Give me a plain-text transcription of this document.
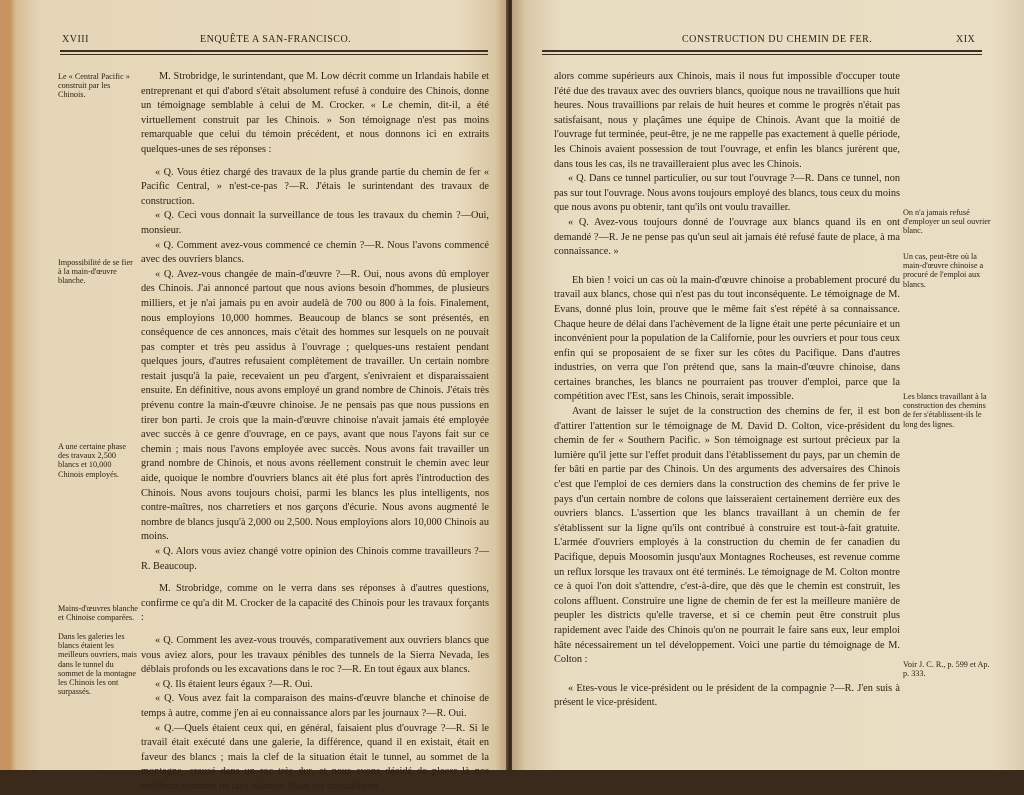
XVIII	ENQUÊTE A SAN-FRANCISCO.

M. Strobridge, le surintendant, que M. Low décrit comme un Irlandais habile et entreprenant et qui d'abord s'était absolument refusé à conduire des Chinois, donne un témoignage semblable à celui de M. Crocker. « Le chemin, dit-il, a été virtuellement construit par les Chinois. » Son témoignage n'est pas moins remarquable que celui du témoin précédent, et nous donnons ici en extraits quelques-unes de ses réponses :

« Q. Vous étiez chargé des travaux de la plus grande partie du chemin de fer « Pacific Central, » n'est-ce-pas ?—R. J'étais le surintendant des travaux de construction.

« Q. Ceci vous donnait la surveillance de tous les travaux du chemin ?—Oui, monsieur.

« Q. Comment avez-vous commencé ce chemin ?—R. Nous l'avons commencé avec des ouvriers blancs.

« Q. Avez-vous changée de main-d'œuvre ?—R. Oui, nous avons dû employer des Chinois. J'ai annoncé partout que nous avions besoin d'hommes, de plusieurs milliers, et je n'ai jamais pu en avoir audelà de 700 ou 800 à la fois. Finalement, nous employions 10,000 hommes. Beaucoup de blancs se sont présentés, en conséquence de ces annonces, mais c'était des hommes sur lesquels on ne pouvait pas compter et très peu assidus à l'ouvrage ; quelques-uns restaient pendant quelques jours, d'autres refusaient complètement de travailler. Un certain nombre restait jusqu'à la paie, recevaient un peu d'argent, s'enivraient et disparaissaient ensuite. En définitive, nous avons employé un grand nombre de Chinois. J'étais très prévenu contre la main-d'œuvre chinoise. Je ne pensais pas que nous pussions en tirer bon parti. Je crois que la main-d'œuvre chinoise n'avait jamais été employée avec succès à ce genre d'ouvrage, en ce pays, avant que nous l'ayons fait sur ce chemin ; mais nous l'avons employée avec succès. Nous avons fait travailler un grand nombre de Chinois, et nous avons réellement construit le chemin avec leur aide, quoique le nombre d'ouvriers blancs ait été plus fort après l'introduction des Chinois. Nous avons toujours choisi, parmi les blancs les plus intelligents, nos contre-maîtres, nos charretiers et nos garçons d'écurie. Nous avons augmenté le nombre de blancs jusqu'à 2,000 ou 2,500. Nous employions alors 10,000 Chinois au moins.

« Q. Alors vous aviez changé votre opinion des Chinois comme travailleurs ?—R. Beaucoup.

M. Strobridge, comme on le verra dans ses réponses à d'autres questions, confirme ce qu'a dit M. Crocker de la capacité des Chinois pour les travaux forçants :

« Q. Comment les avez-vous trouvés, comparativement aux ouvriers blancs que vous aviez alors, pour les travaux pénibles des tunnels de la Sierra Nevada, les déblais profonds ou les excavations dans le roc ?—R. En tout égaux aux blancs.

« Q. Ils étaient leurs égaux ?—R. Oui.

« Q. Vous avez fait la comparaison des mains-d'œuvre blanche et chinoise de temps à autre, comme j'en ai eu connaissance alors par les journaux ?—R. Oui.

« Q.—Quels étaient ceux qui, en général, faisaient plus d'ouvrage ?—R. Si le travail était exécuté dans une galerie, la différence, quand il en existait, était en faveur des blancs ; mais la clef de la situation était le tunnel, au sommet de la montagne, creusé dans un roc très dur, et nous avons décidé de placer là nos meilleurs hommes de race blanche. Nous les considérions

Le « Central Pacific » construit par les Chinois.
Impossibilité de se fier à la main-d'œuvre blanche.
A une certaine phase des travaux 2,500 blancs et 10,000 Chinois employés.
Mains-d'œuvres blanche et Chinoise comparées.
Dans les galeries les blancs étaient les meilleurs ouvriers, mais dans le tunnel du sommet de la montagne les Chinois les ont surpassés.
CONSTRUCTION DU CHEMIN DE FER.	XIX

alors comme supérieurs aux Chinois, mais il nous fut impossible d'occuper toute l'été due des travaux avec des ouvriers blancs, quoique nous ne travaillions que huit heures. Nous travaillions par relais de huit heures et comme le progrès n'était pas satisfaisant, nous y plaçâmes une équipe de Chinois. Avant que la moitié de l'ouvrage fut terminée, peut-être, je ne me rappelle pas exactement à quelle période, les Chinois avaient possession de tout l'ouvrage, et enfin les blancs jurèrent que, dans tous les cas, ils ne travailleraient plus avec les Chinois.

« Q. Dans ce tunnel particulier, ou sur tout l'ouvrage ?—R. Dans ce tunnel, non pas sur tout l'ouvrage. Nous avons toujours employé des blancs, tous ceux du moins que nous avons pu obtenir, tant qu'ils ont voulu travailler.

« Q. Avez-vous toujours donné de l'ouvrage aux blancs quand ils en ont demandé ?—R. Je ne pense pas qu'un seul ait jamais été refusé faute de place, à ma connaissance. »

Eh bien ! voici un cas où la main-d'œuvre chinoise a probablement procuré du travail aux blancs, chose qui n'est pas du tout inconséquente. Le témoignage de M. Evans, donné plus loin, prouve que le même fait s'est répété à sa connaissance. Chaque heure de délai dans l'achèvement de la ligne était une perte pécuniaire et un inconvénient pour la population de la Californie, pour les ouvriers et pour tous ceux enfin qui se proposaient de se fixer sur les côtes du Pacifique. Dans d'autres industries, on verra que l'on prétend que, sans la main-d'œuvre chinoise, dans certaines branches, les blancs ne pourraient pas trouver d'emploi, parce que la compétition avec l'Est, sans les Chinois, serait impossible.

Avant de laisser le sujet de la construction des chemins de fer, il est bon d'attirer l'attention sur le témoignage de M. David D. Colton, vice-président du chemin de fer « Southern Pacific. » Son témoignage est surtout précieux par la lumière qu'il jette sur l'effet produit dans l'établissement du pays, par un chemin de fer bâti en partie par des Chinois. Un des arguments des adversaires des Chinois c'est que l'emploi de ces derniers dans la construction des chemins de fer prive le pays d'un certain nombre de colons que laisseraient certainement derrière eux des ouvriers blancs. L'assertion que les blancs travaillant à un chemin de fer s'établissent sur la ligne qu'ils ont contribué à construire est tout-à-fait gratuite. L'armée d'ouvriers employés à la construction du chemin de fer canadien du Pacifique, depuis Moosomin jusqu'aux Montagnes Rocheuses, est revenue comme un reflux lorsque les travaux ont été terminés. Le témoignage de M. Colton montre ce à quoi l'on doit s'attendre, c'est-à-dire, que dès que le chemin est construit, les colons affluent. Construire une ligne de chemin de fer est la meilleure manière de peupler les districts qu'elle traverse, et si ce chemin peut être construit plus rapidement avec l'aide des Chinois qu'on ne pourrait le faire sans eux, leur emploi hâte nécessairement un tel développement. Voici une partie du témoignage de M. Colton :

« Etes-vous le vice-président ou le président de la compagnie ?—R. J'en suis à présent le vice-président.

On n'a jamais refusé d'employer un seul ouvrier blanc.
Un cas, peut-être où la main-d'œuvre chinoise a procuré de l'emploi aux blancs.
Les blancs travaillant à la construction des chemins de fer s'établissent-ils le long des lignes.
Voir J. C. R., p. 599 et Ap. p. 333.
